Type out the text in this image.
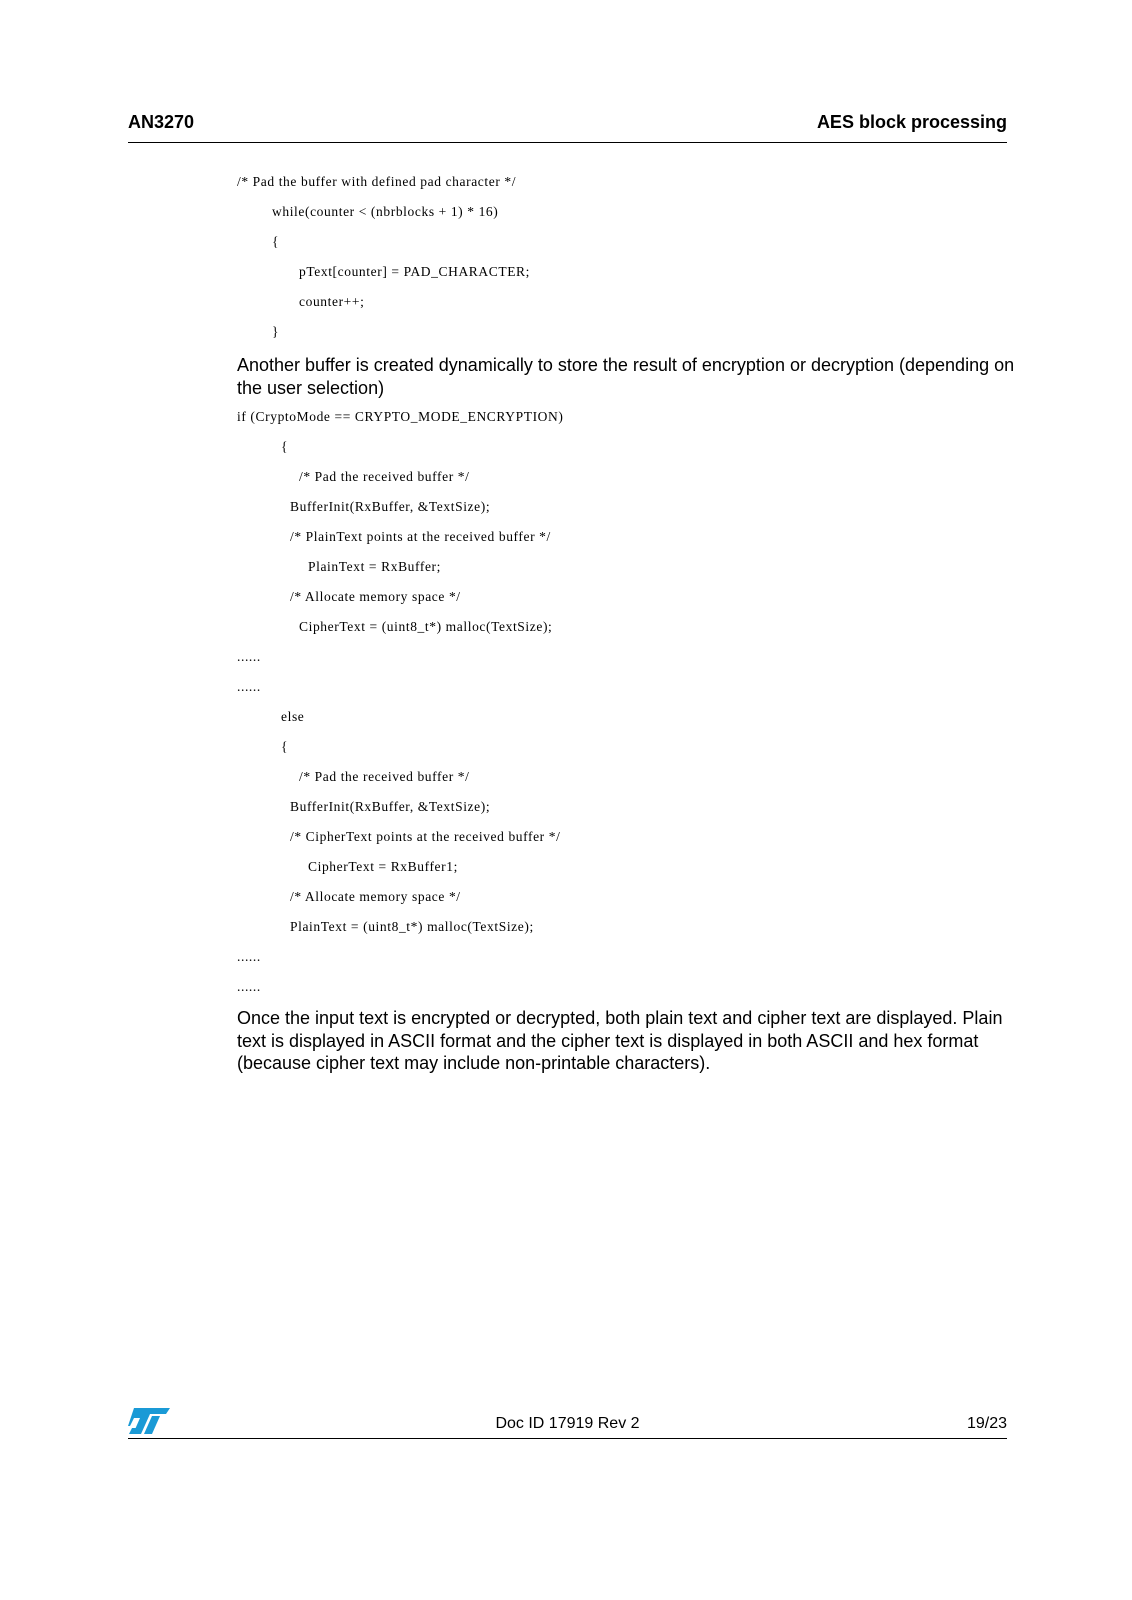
AN3270	AES block processing
/* Pad the buffer with defined pad character */
while(counter < (nbrblocks + 1) * 16)
{
pText[counter] = PAD_CHARACTER;
counter++;
}
Another buffer is created dynamically to store the result of encryption or decryption (depending on the user selection)
if (CryptoMode == CRYPTO_MODE_ENCRYPTION)
{
/* Pad the received buffer */
BufferInit(RxBuffer, &TextSize);
/* PlainText points at the received buffer */
PlainText = RxBuffer;
/* Allocate memory space */
CipherText = (uint8_t*) malloc(TextSize);
......
......
else
{
/* Pad the received buffer */
BufferInit(RxBuffer, &TextSize);
/* CipherText points at the received buffer */
CipherText = RxBuffer1;
/* Allocate memory space */
PlainText = (uint8_t*) malloc(TextSize);
......
......
Once the input text is encrypted or decrypted, both plain text and cipher text are displayed. Plain text is displayed in ASCII format and the cipher text is displayed in both ASCII and hex format (because cipher text may include non-printable characters).
Doc ID 17919 Rev 2	19/23
